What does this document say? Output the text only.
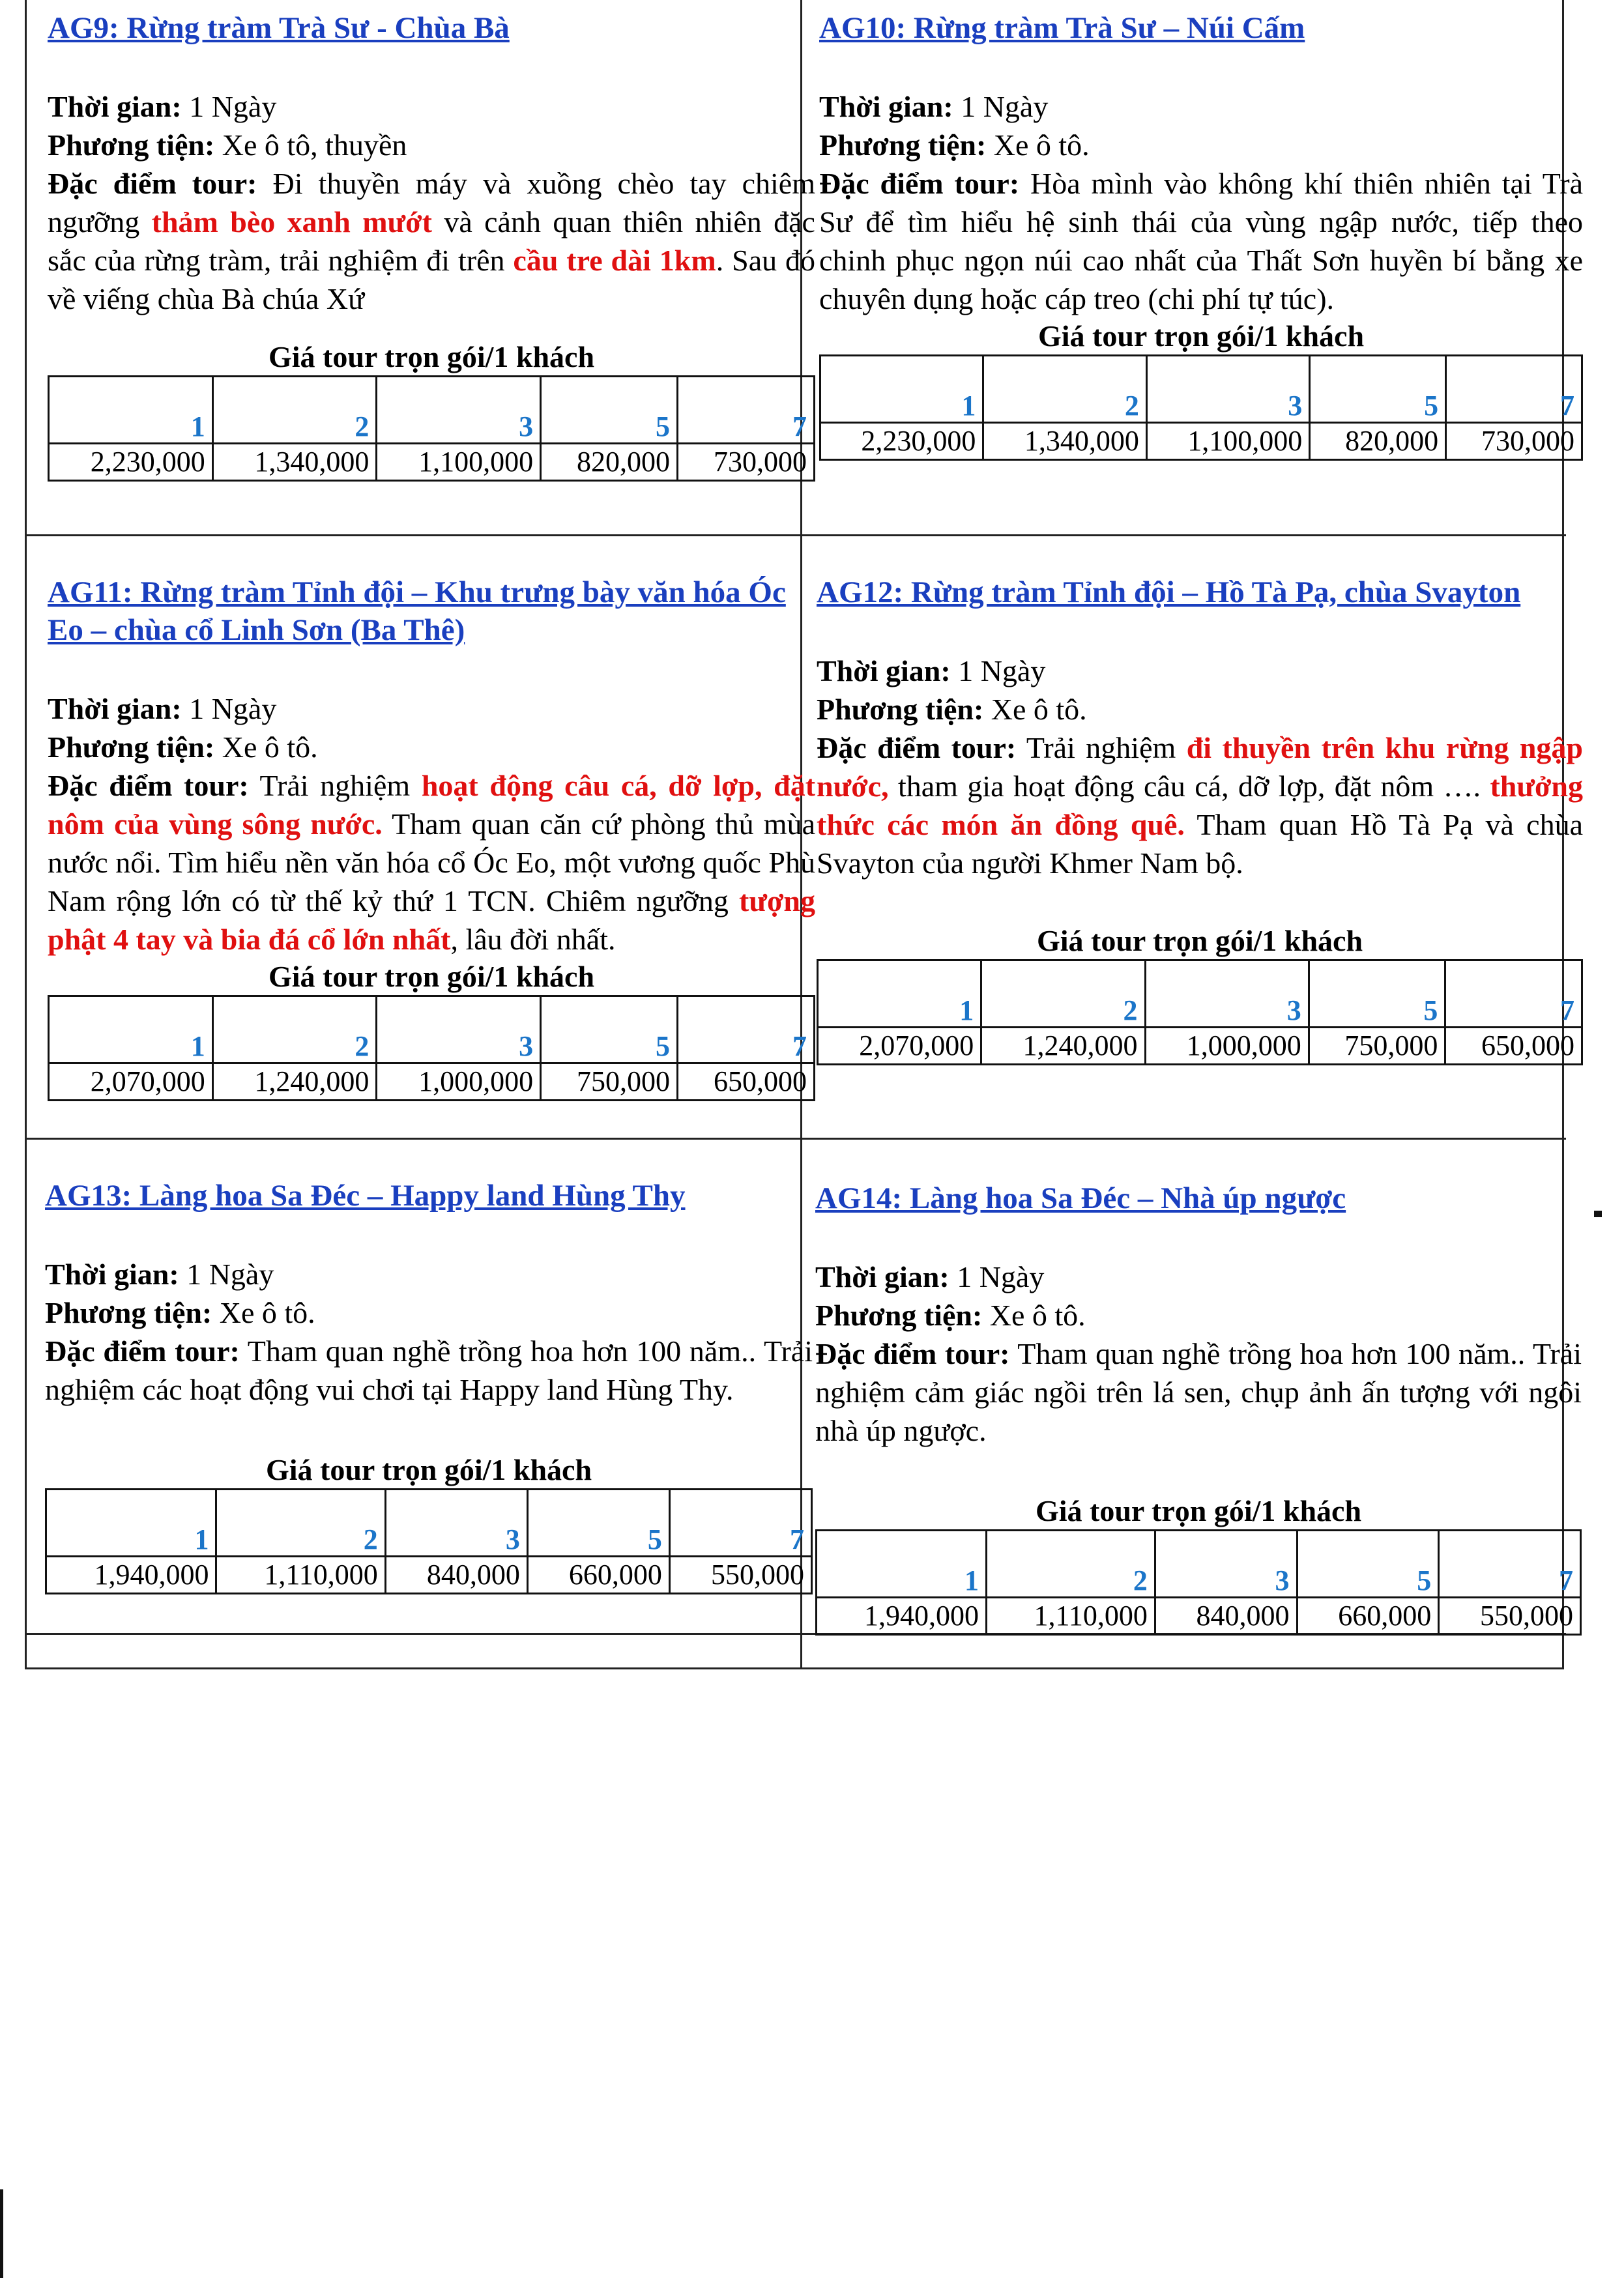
AG9: Rừng tràm Trà Sư - Chùa Bà
Thời gian: 1 Ngày
Phương tiện: Xe ô tô, thuyền
Đặc điểm tour: Đi thuyền máy và xuồng chèo tay chiêm ngưỡng thảm bèo xanh mướt và cảnh quan thiên nhiên đặc sắc của rừng tràm, trải nghiệm đi trên cầu tre dài 1km. Sau đó về viếng chùa Bà chúa Xứ
Giá tour trọn gói/1 khách
1	2	3	5	7
2,230,000	1,340,000	1,100,000	820,000	730,000
AG10: Rừng tràm Trà Sư – Núi Cấm
Thời gian: 1 Ngày
Phương tiện: Xe ô tô.
Đặc điểm tour: Hòa mình vào không khí thiên nhiên tại Trà Sư để tìm hiểu hệ sinh thái của vùng ngập nước, tiếp theo chinh phục ngọn núi cao nhất của Thất Sơn huyền bí bằng xe chuyên dụng hoặc cáp treo (chi phí tự túc).
Giá tour trọn gói/1 khách
1	2	3	5	7
2,230,000	1,340,000	1,100,000	820,000	730,000
AG11: Rừng tràm Tỉnh đội – Khu trưng bày văn hóa Óc Eo – chùa cổ Linh Sơn (Ba Thê)
Thời gian: 1 Ngày
Phương tiện: Xe ô tô.
Đặc điểm tour: Trải nghiệm hoạt động câu cá, dỡ lợp, đặt nôm của vùng sông nước. Tham quan căn cứ phòng thủ mùa nước nổi. Tìm hiểu nền văn hóa cổ Óc Eo, một vương quốc Phù Nam rộng lớn có từ thế kỷ thứ 1 TCN. Chiêm ngưỡng tượng phật 4 tay và bia đá cổ lớn nhất, lâu đời nhất.
Giá tour trọn gói/1 khách
1	2	3	5	7
2,070,000	1,240,000	1,000,000	750,000	650,000
AG12: Rừng tràm Tỉnh đội – Hồ Tà Pạ, chùa Svayton
Thời gian: 1 Ngày
Phương tiện: Xe ô tô.
Đặc điểm tour: Trải nghiệm đi thuyền trên khu rừng ngập nước, tham gia hoạt động câu cá, dỡ lợp, đặt nôm …. thưởng thức các món ăn đồng quê. Tham quan Hồ Tà Pạ và chùa Svayton của người Khmer Nam bộ.
Giá tour trọn gói/1 khách
1	2	3	5	7
2,070,000	1,240,000	1,000,000	750,000	650,000
AG13: Làng hoa Sa Đéc – Happy land Hùng Thy
Thời gian: 1 Ngày
Phương tiện: Xe ô tô.
Đặc điểm tour: Tham quan nghề trồng hoa hơn 100 năm.. Trải nghiệm các hoạt động vui chơi tại Happy land Hùng Thy.
Giá tour trọn gói/1 khách
1	2	3	5	7
1,940,000	1,110,000	840,000	660,000	550,000
AG14: Làng hoa Sa Đéc – Nhà úp ngược
Thời gian: 1 Ngày
Phương tiện: Xe ô tô.
Đặc điểm tour: Tham quan nghề trồng hoa hơn 100 năm.. Trải nghiệm cảm giác ngồi trên lá sen, chụp ảnh ấn tượng với ngôi nhà úp ngược.
Giá tour trọn gói/1 khách
1	2	3	5	7
1,940,000	1,110,000	840,000	660,000	550,000
